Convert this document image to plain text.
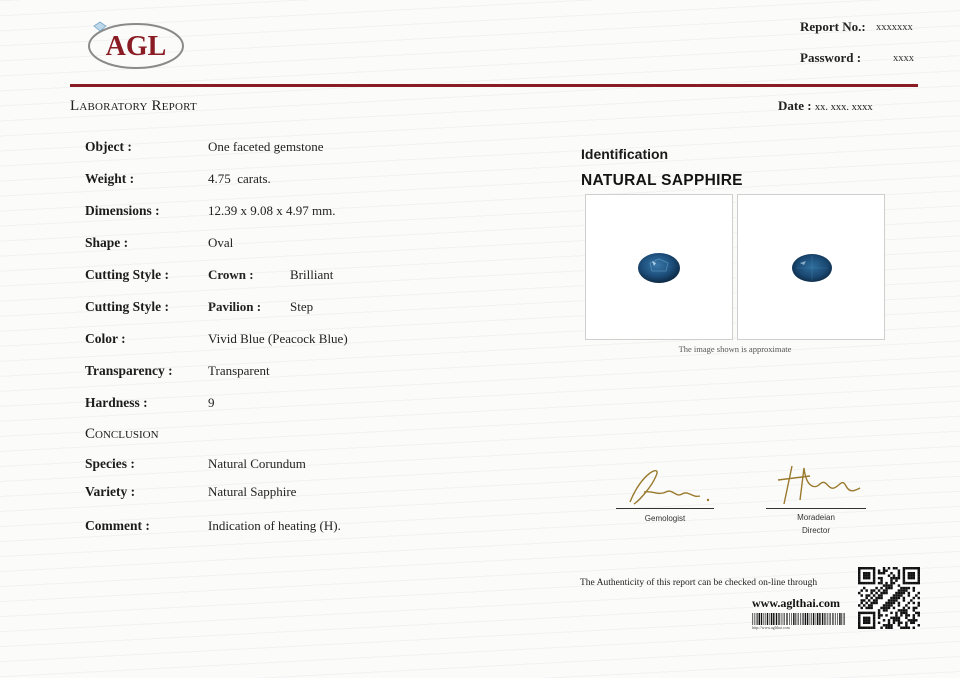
AGL
Report No.: xxxxxxx
Password :	xxxx
Laboratory Report	Date : xx. xxx. xxxx
Object :	One faceted gemstone
Weight :	4.75  carats.
Dimensions :	12.39 x 9.08 x 4.97 mm.
Shape :	Oval
Cutting Style :	Crown :	Brilliant
Cutting Style :	Pavilion : Step
Color :	Vivid Blue (Peacock Blue)
Transparency :	Transparent
Hardness :	9
Conclusion
Species :	Natural Corundum
Variety :	Natural Sapphire
Comment :	Indication of heating (H).
Identification
NATURAL SAPPHIRE
The image shown is approximate
Gemologist	Moradeian
Director
The Authenticity of this report can be checked on-line through
www.aglthai.com
http://www.aglthai.com
